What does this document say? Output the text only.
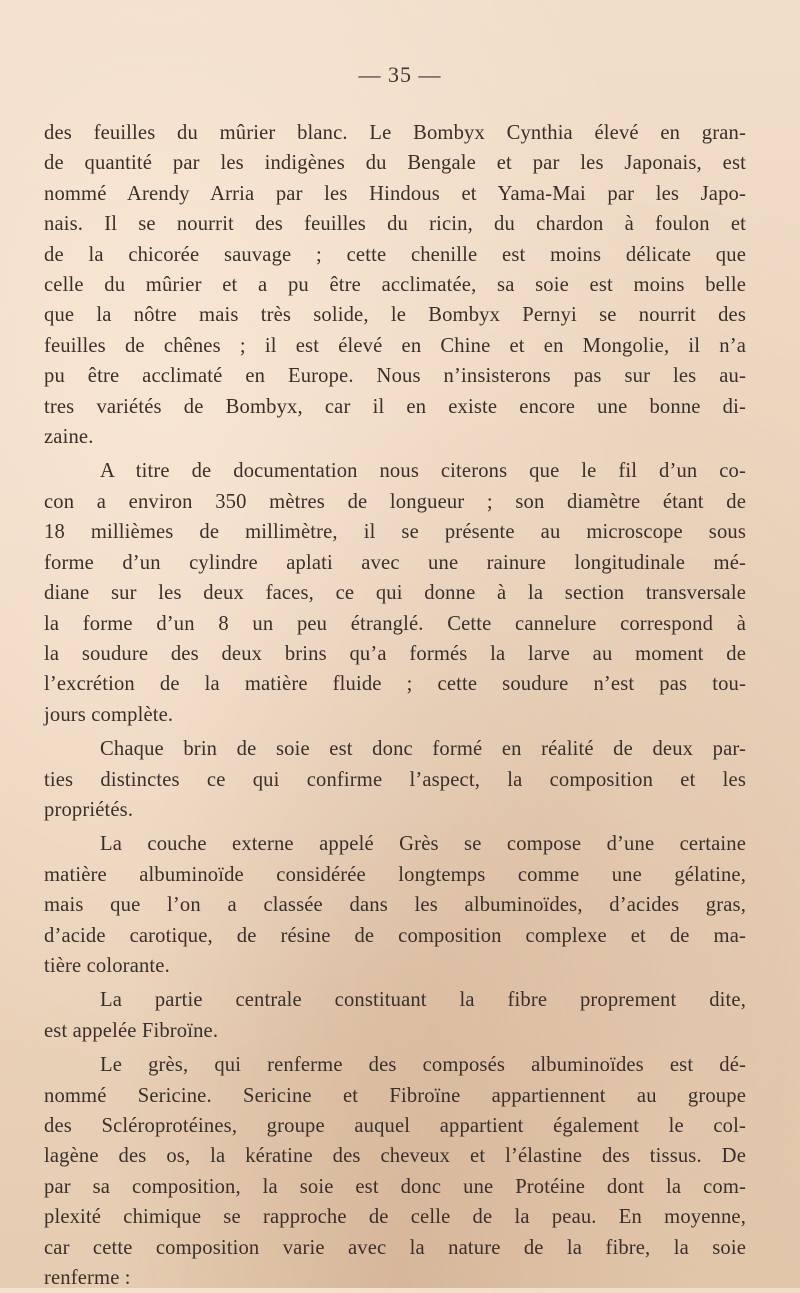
— 35 —

des feuilles du mûrier blanc. Le Bombyx Cynthia élevé en gran-
de quantité par les indigènes du Bengale et par les Japonais, est
nommé Arendy Arria par les Hindous et Yama-Mai par les Japo-
nais. Il se nourrit des feuilles du ricin, du chardon à foulon et
de la chicorée sauvage ; cette chenille est moins délicate que
celle du mûrier et a pu être acclimatée, sa soie est moins belle
que la nôtre mais très solide, le Bombyx Pernyi se nourrit des
feuilles de chênes ; il est élevé en Chine et en Mongolie, il n’a
pu être acclimaté en Europe. Nous n’insisterons pas sur les au-
tres variétés de Bombyx, car il en existe encore une bonne di-
zaine.

A titre de documentation nous citerons que le fil d’un co-
con a environ 350 mètres de longueur ; son diamètre étant de
18 millièmes de millimètre, il se présente au microscope sous
forme d’un cylindre aplati avec une rainure longitudinale mé-
diane sur les deux faces, ce qui donne à la section transversale
la forme d’un 8 un peu étranglé. Cette cannelure correspond à
la soudure des deux brins qu’a formés la larve au moment de
l’excrétion de la matière fluide ; cette soudure n’est pas tou-
jours complète.

Chaque brin de soie est donc formé en réalité de deux par-
ties distinctes ce qui confirme l’aspect, la composition et les
propriétés.

La couche externe appelé Grès se compose d’une certaine
matière albuminoïde considérée longtemps comme une gélatine,
mais que l’on a classée dans les albuminoïdes, d’acides gras,
d’acide carotique, de résine de composition complexe et de ma-
tière colorante.

La partie centrale constituant la fibre proprement dite,
est appelée Fibroïne.

Le grès, qui renferme des composés albuminoïdes est dé-
nommé Sericine. Sericine et Fibroïne appartiennent au groupe
des Scléroprotéines, groupe auquel appartient également le col-
lagène des os, la kératine des cheveux et l’élastine des tissus. De
par sa composition, la soie est donc une Protéine dont la com-
plexité chimique se rapproche de celle de la peau. En moyenne,
car cette composition varie avec la nature de la fibre, la soie
renferme :
